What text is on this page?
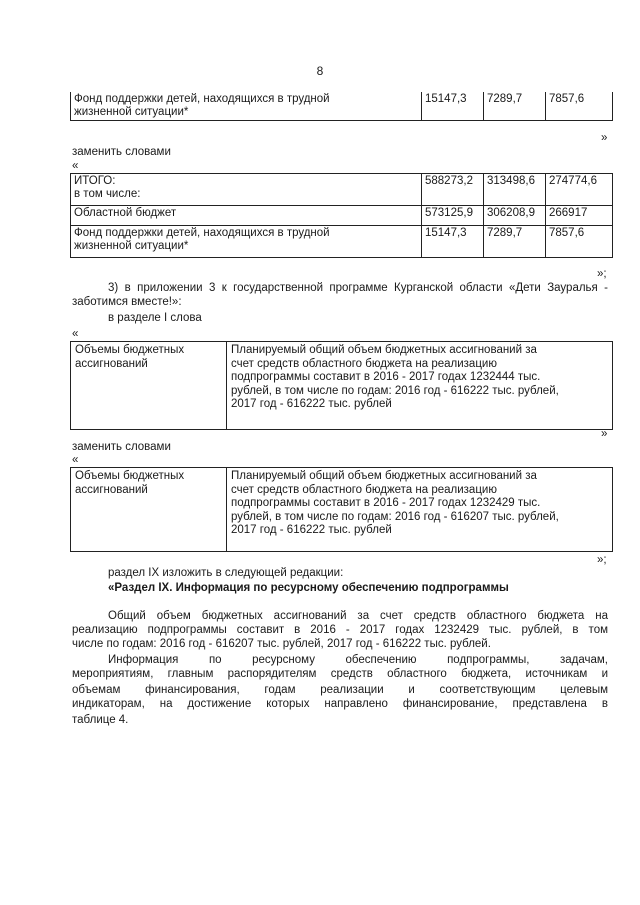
8
Фонд поддержки детей, находящихся в трудной
жизненной ситуации*
	15147,3	7289,7	7857,6
»
заменить словами
«
ИТОГО:
в том числе:	588273,2	313498,6	274774,6
Областной бюджет	573125,9	306208,9	266917

Фонд поддержки детей, находящихся в трудной
жизненной ситуации*	15147,3	7289,7	7857,6
»;
3) в приложении 3 к государственной программе Курганской области «Дети Зауралья -
заботимся вместе!»:
в разделе I слова
«
Объемы бюджетных
ассигнований

Планируемый общий объем бюджетных ассигнований за
счет средств областного бюджета на реализацию
подпрограммы составит в 2016 - 2017 годах 1232444 тыс.
рублей, в том числе по годам: 2016 год - 616222 тыс. рублей,
2017 год - 616222 тыс. рублей
»
заменить словами
«
Объемы бюджетных
ассигнований

Планируемый общий объем бюджетных ассигнований за
счет средств областного бюджета на реализацию
подпрограммы составит в 2016 - 2017 годах 1232429 тыс.
рублей, в том числе по годам: 2016 год - 616207 тыс. рублей,
2017 год - 616222 тыс. рублей
раздел IX изложить в следующей редакции:
»;
«Раздел IX. Информация по ресурсному обеспечению подпрограммы
Общий объем бюджетных ассигнований за счет средств областного бюджета на
реализацию подпрограммы составит в 2016 - 2017 годах 1232429 тыс. рублей, в том
числе по годам: 2016 год - 616207 тыс. рублей, 2017 год - 616222 тыс. рублей.
Информация по ресурсному обеспечению подпрограммы, задачам,
мероприятиям, главным распорядителям средств областного бюджета, источникам и
объемам финансирования, годам реализации и соответствующим целевым
индикаторам, на достижение которых направлено финансирование, представлена в
таблице 4.
